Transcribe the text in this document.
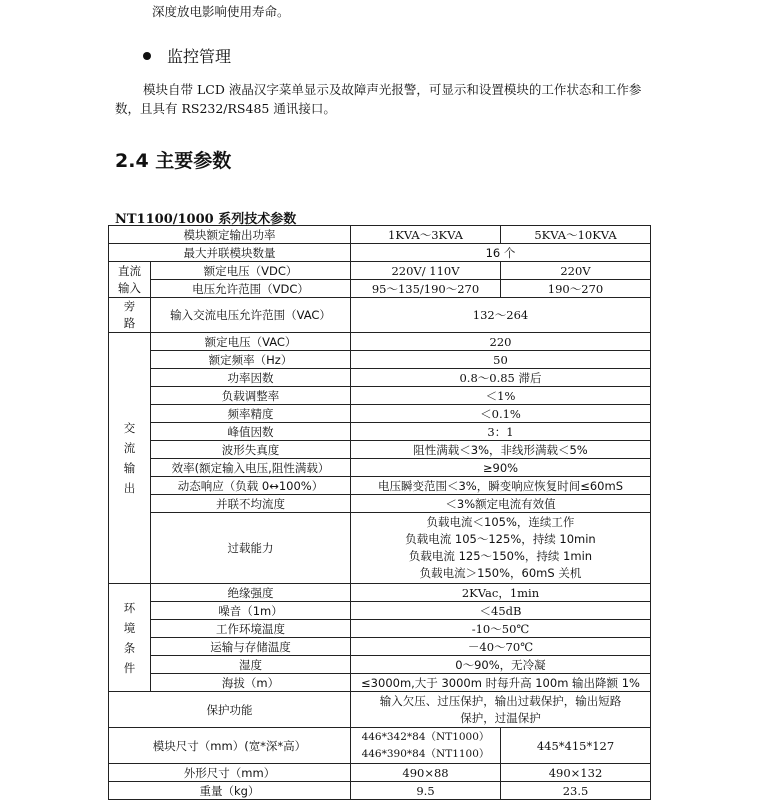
深度放电影响使用寿命。
监控管理
模块自带 LCD 液晶汉字菜单显示及故障声光报警，可显示和设置模块的工作状态和工作参数，且具有 RS232/RS485 通讯接口。
2.4 主要参数
NT1100/1000 系列技术参数
模块额定输出功率		1KVA～3KVA	5KVA～10KVA
最大并联模块数量		16 个	

直流
输入	额定电压（VDC）	220V/ 110V	220V
	电压允许范围（VDC）	95～135/190～270	190～270

旁
路	输入交流电压允许范围（VAC）	132～264	

交
流
输
出	额定电压（VAC）	220	
	额定频率（Hz）	50	
	功率因数	0.8～0.85 滞后	
	负载调整率	＜1%	
	频率精度	＜0.1%	
	峰值因数	3：1	
	波形失真度	阻性满载＜3%，非线形满载＜5%	
	效率(额定输入电压,阻性满载）	≥90%	
	动态响应（负载 0↔100%）	电压瞬变范围＜3%，瞬变响应恢复时间≤60mS	
	并联不均流度	＜3%额定电流有效值	
	过载能力	负载电流＜105%，连续工作
负载电流 105～125%，持续 10min
负载电流 125～150%，持续 1min
负载电流＞150%，60mS 关机	

环
境
条
件	绝缘强度	2KVac，1min	
	噪音（1m）	＜45dB	
	工作环境温度	-10～50℃	
	运输与存储温度	－40～70℃	
	湿度	0～90%，无冷凝	
	海拔（m）	≤3000m,大于 3000m 时每升高 100m 输出降额 1%	
保护功能		输入欠压、过压保护，输出过载保护，输出短路
保护，过温保护	

模块尺寸（mm）(宽*深*高）		446*342*84（NT1000）
446*390*84（NT1100）	445*415*127
外形尺寸（mm）		490×88	490×132
重量（kg）		9.5	23.5
